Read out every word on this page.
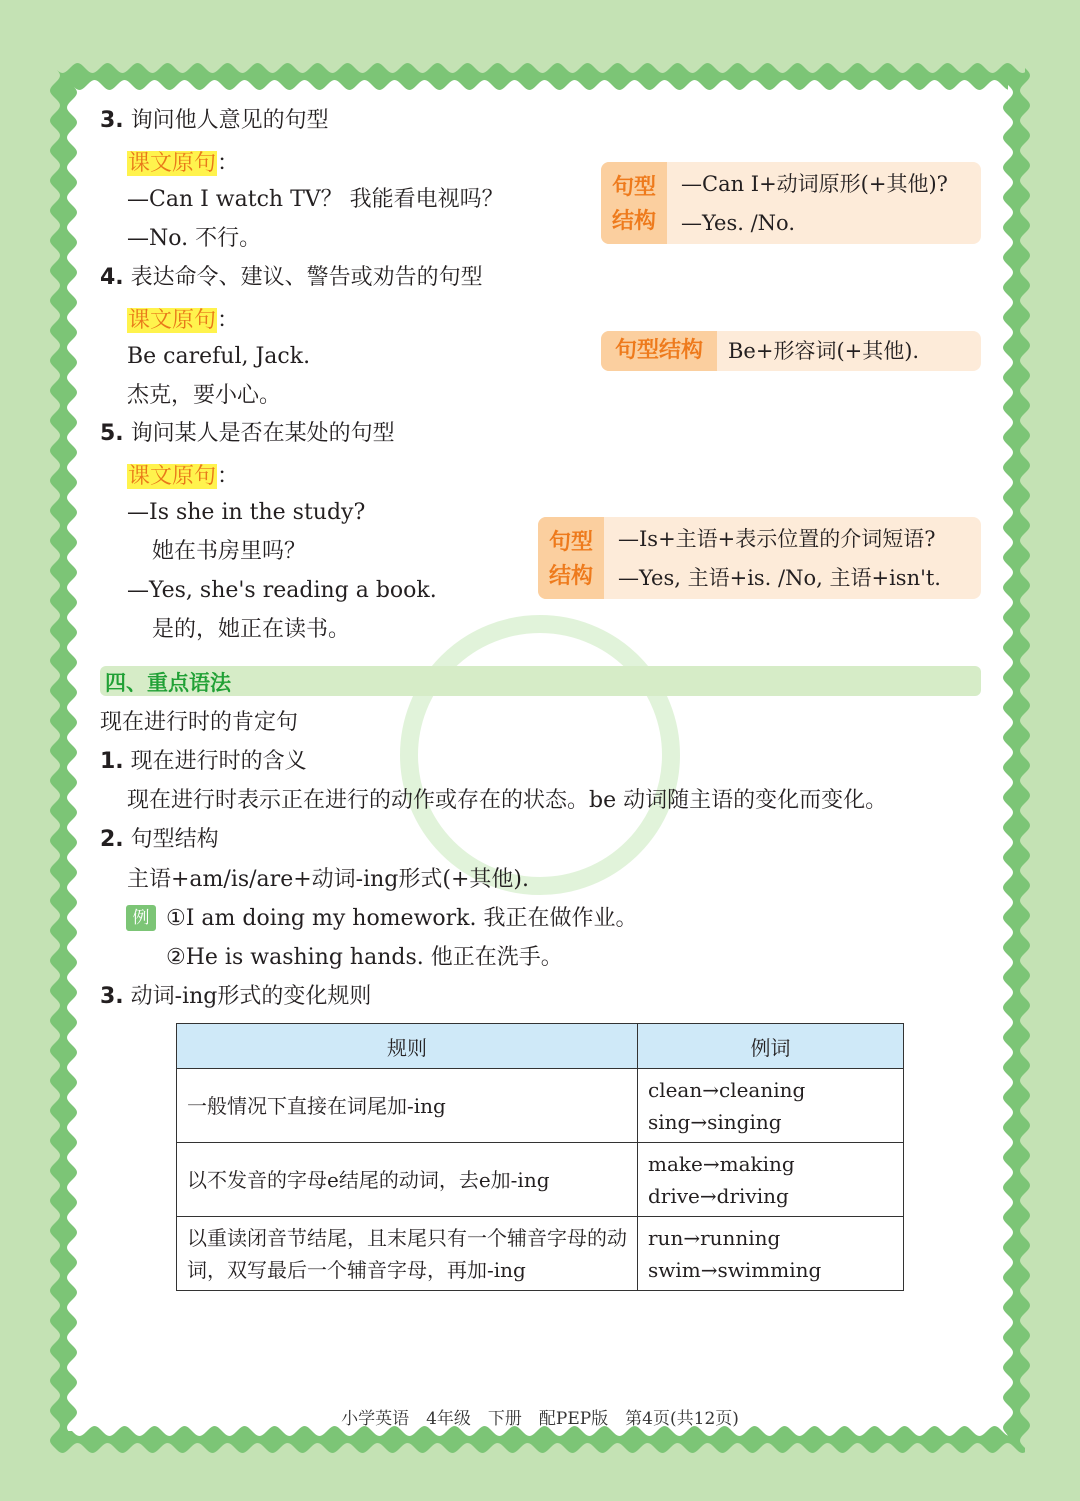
3. 询问他人意见的句型
课文原句：
—Can I watch TV？ 我能看电视吗？
—No. 不行。
句型
结构
—Can I+动词原形(+其他)?
—Yes. /No.
4. 表达命令、建议、警告或劝告的句型
课文原句：
Be careful, Jack.
杰克，要小心。
句型结构	Be+形容词(+其他).
5. 询问某人是否在某处的句型
课文原句：
—Is she in the study?
她在书房里吗？
—Yes, she's reading a book.
是的，她正在读书。
句型
结构
—Is+主语+表示位置的介词短语?
—Yes, 主语+is. /No, 主语+isn't.
四、重点语法
现在进行时的肯定句
1. 现在进行时的含义
现在进行时表示正在进行的动作或存在的状态。be 动词随主语的变化而变化。
2. 句型结构
主语+am/is/are+动词-ing形式(+其他).
例 ①I am doing my homework. 我正在做作业。
②He is washing hands. 他正在洗手。
3. 动词-ing形式的变化规则
规则	例词
一般情况下直接在词尾加-ing	clean→cleaning
sing→singing

以不发音的字母e结尾的动词，去e加-ing	make→making
drive→driving

以重读闭音节结尾，且末尾只有一个辅音字母的动词，双写最后一个辅音字母，再加-ing	run→running
swim→swimming
小学英语　4年级　下册　配PEP版　第4页(共12页)
